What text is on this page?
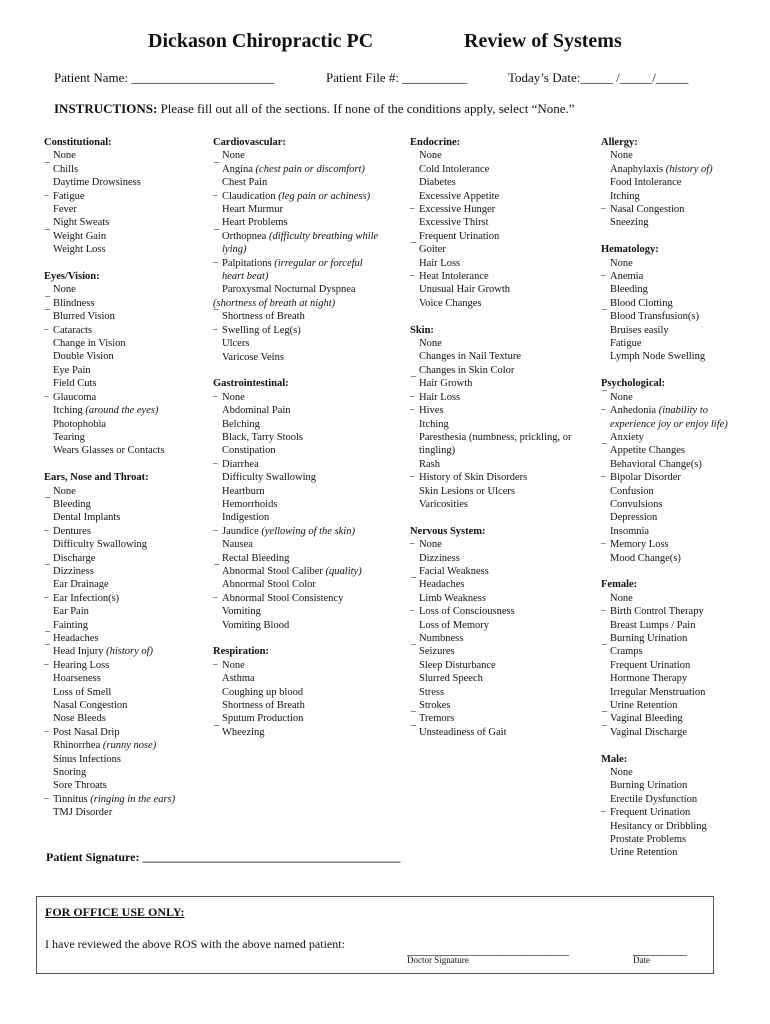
Dickason Chiropractic PC	Review of Systems
Patient Name: ______________________	Patient File #: __________	Today’s Date:_____ /_____/_____
INSTRUCTIONS: Please fill out all of the sections. If none of the conditions apply, select “None.”
Constitutional:
None
¯ Chills
Daytime Drowsiness
– Fatigue
Fever
Night Sweats
¯ Weight Gain
Weight Loss
Eyes/Vision:
None
¯ Blindness
¯ Blurred Vision
– Cataracts
Change in Vision
Double Vision
Eye Pain
Field Cuts
– Glaucoma
Itching (around the eyes)
Photophobia
Tearing
Wears Glasses or Contacts
Ears, Nose and Throat:
None
¯ Bleeding
Dental Implants
– Dentures
Difficulty Swallowing
Discharge
¯ Dizziness
Ear Drainage
– Ear Infection(s)
Ear Pain
Fainting
¯ Headaches
¯ Head Injury (history of)
– Hearing Loss
Hoarseness
Loss of Smell
Nasal Congestion
Nose Bleeds
– Post Nasal Drip
Rhinorrhea (runny nose)
Sinus Infections
Snoring
Sore Throats
– Tinnitus (ringing in the ears)
TMJ Disorder
Cardiovascular:
None
¯ Angina (chest pain or discomfort)
Chest Pain
– Claudication (leg pain or achiness)
Heart Murmur
Heart Problems
¯ Orthopnea (difficulty breathing while lying)
– Palpitations (irregular or forceful heart beat)
Paroxysmal Nocturnal Dyspnea
(shortness of breath at night)
¯ Shortness of Breath
– Swelling of Leg(s)
Ulcers
Varicose Veins
Gastrointestinal:
– None
Abdominal Pain
Belching
Black, Tarry Stools
Constipation
– Diarrhea
Difficulty Swallowing
Heartburn
Hemorrhoids
Indigestion
– Jaundice (yellowing of the skin)
Nausea
Rectal Bleeding
¯ Abnormal Stool Caliber (quality)
Abnormal Stool Color
– Abnormal Stool Consistency
Vomiting
Vomiting Blood
Respiration:
– None
Asthma
Coughing up blood
Shortness of Breath
Sputum Production
¯ Wheezing
Endocrine:
None
Cold Intolerance
Diabetes
Excessive Appetite
– Excessive Hunger
Excessive Thirst
Frequent Urination
¯ Goiter
Hair Loss
– Heat Intolerance
Unusual Hair Growth
Voice Changes
Skin:
None
Changes in Nail Texture
Changes in Skin Color
¯ Hair Growth
– Hair Loss
– Hives
Itching
Paresthesia (numbness, prickling, or tingling)
Rash
– History of Skin Disorders
Skin Lesions or Ulcers
Varicosities
Nervous System:
– None
Dizziness
Facial Weakness
¯ Headaches
Limb Weakness
– Loss of Consciousness
Loss of Memory
Numbness
¯ Seizures
Sleep Disturbance
Slurred Speech
Stress
Strokes
¯ Tremors
¯ Unsteadiness of Gait
Allergy:
None
Anaphylaxis (history of)
Food Intolerance
Itching
– Nasal Congestion
Sneezing
Hematology:
None
– Anemia
Bleeding
Blood Clotting
¯ Blood Transfusion(s)
Bruises easily
Fatigue
Lymph Node Swelling
Psychological:
¯ None
– Anhedonia (inability to experience joy or enjoy life)
Anxiety
¯ Appetite Changes
Behavioral Change(s)
– Bipolar Disorder
Confusion
Convulsions
Depression
Insomnia
– Memory Loss
Mood Change(s)
Female:
None
– Birth Control Therapy
Breast Lumps / Pain
Burning Urination
¯ Cramps
Frequent Urination
Hormone Therapy
Irregular Menstruation
Urine Retention
¯ Vaginal Bleeding
¯ Vaginal Discharge
Male:
None
Burning Urination
Erectile Dysfunction
– Frequent Urination
Hesitancy or Dribbling
Prostate Problems
Urine Retention
Patient Signature: ___________________________________________
FOR OFFICE USE ONLY:
I have reviewed the above ROS with the above named patient:	___________________________
Doctor Signature
_________
Date
